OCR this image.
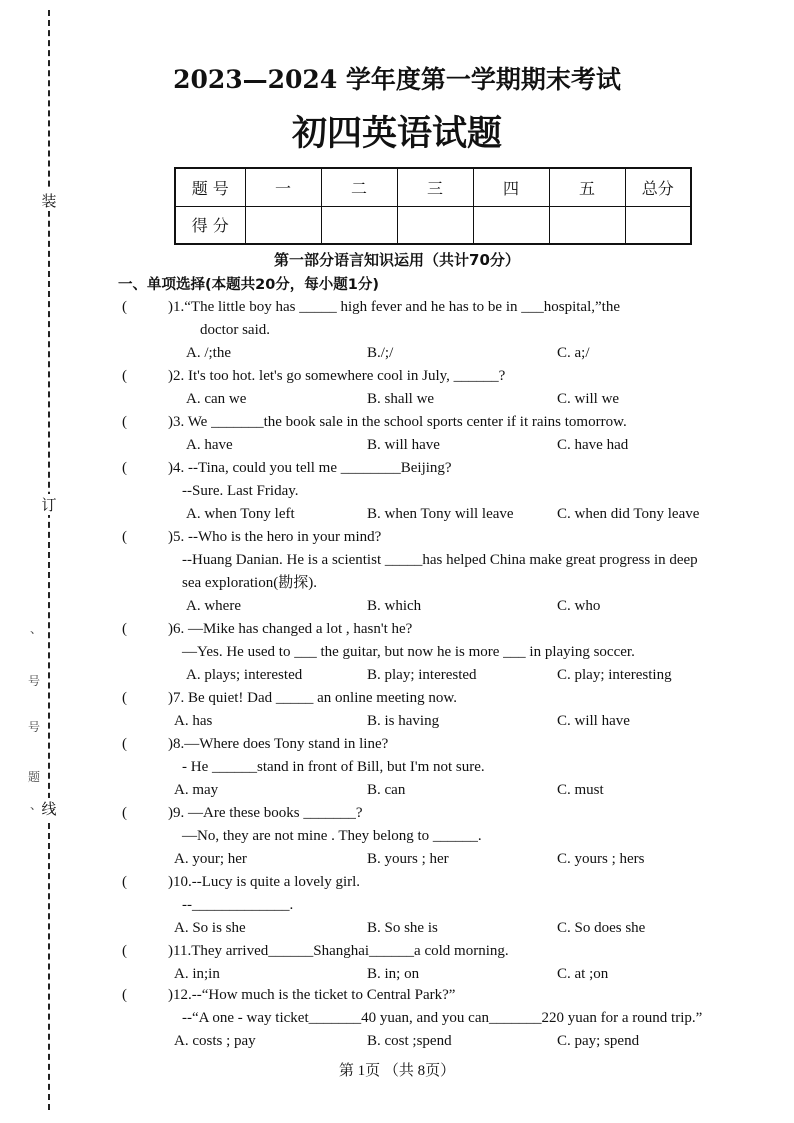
装
订
线
、
号
号
题
、
2023—2024 学年度第一学期期末考试
初四英语试题
题 号	一	二	三	四	五	总分
得 分						
第一部分语言知识运用（共计70分）
一、单项选择(本题共20分，每小题1分)
(	)1.“The little boy has _____ high fever and he has to be in ___hospital,”the
doctor said.
A. /;the	B./;/	C. a;/
(	)2. It's too hot. let's go somewhere cool in July, ______?
A. can we	B. shall we	C. will we
(	)3. We _______the book sale in the school sports center if it rains tomorrow.
A. have	B. will have	C. have had
(	)4. --Tina, could you tell me ________Beijing?
--Sure. Last Friday.
A. when Tony left	B. when Tony will leave	C. when did Tony leave
(	)5. --Who is the hero in your mind?
--Huang Danian. He is a scientist _____has helped China make great progress in deep
sea exploration(勘探).
A. where	B. which	C. who
(	)6. —Mike has changed a lot , hasn't he?
—Yes. He used to ___ the guitar, but now he is more ___ in playing soccer.
A. plays; interested	B. play; interested	C. play; interesting
(	)7. Be quiet! Dad _____ an online meeting now.
A. has	B. is having	C. will have
(	)8.—Where does Tony stand in line?
- He ______stand in front of Bill, but I'm not sure.
A. may	B. can	C. must
(	)9. —Are these books _______?
—No, they are not mine . They belong to ______.
A. your; her	B. yours ; her	C. yours ; hers
(	)10.--Lucy is quite a lovely girl.
--_____________.
A. So is she	B. So she is	C. So does she
(	)11.They arrived______Shanghai______a cold morning.
A. in;in	B. in; on	C. at ;on
(	)12.--“How much is the ticket to Central Park?”
--“A one - way ticket_______40 yuan, and you can_______220 yuan for a round trip.”
A. costs ; pay	B. cost ;spend	C. pay; spend
第 1页 （共 8页）
